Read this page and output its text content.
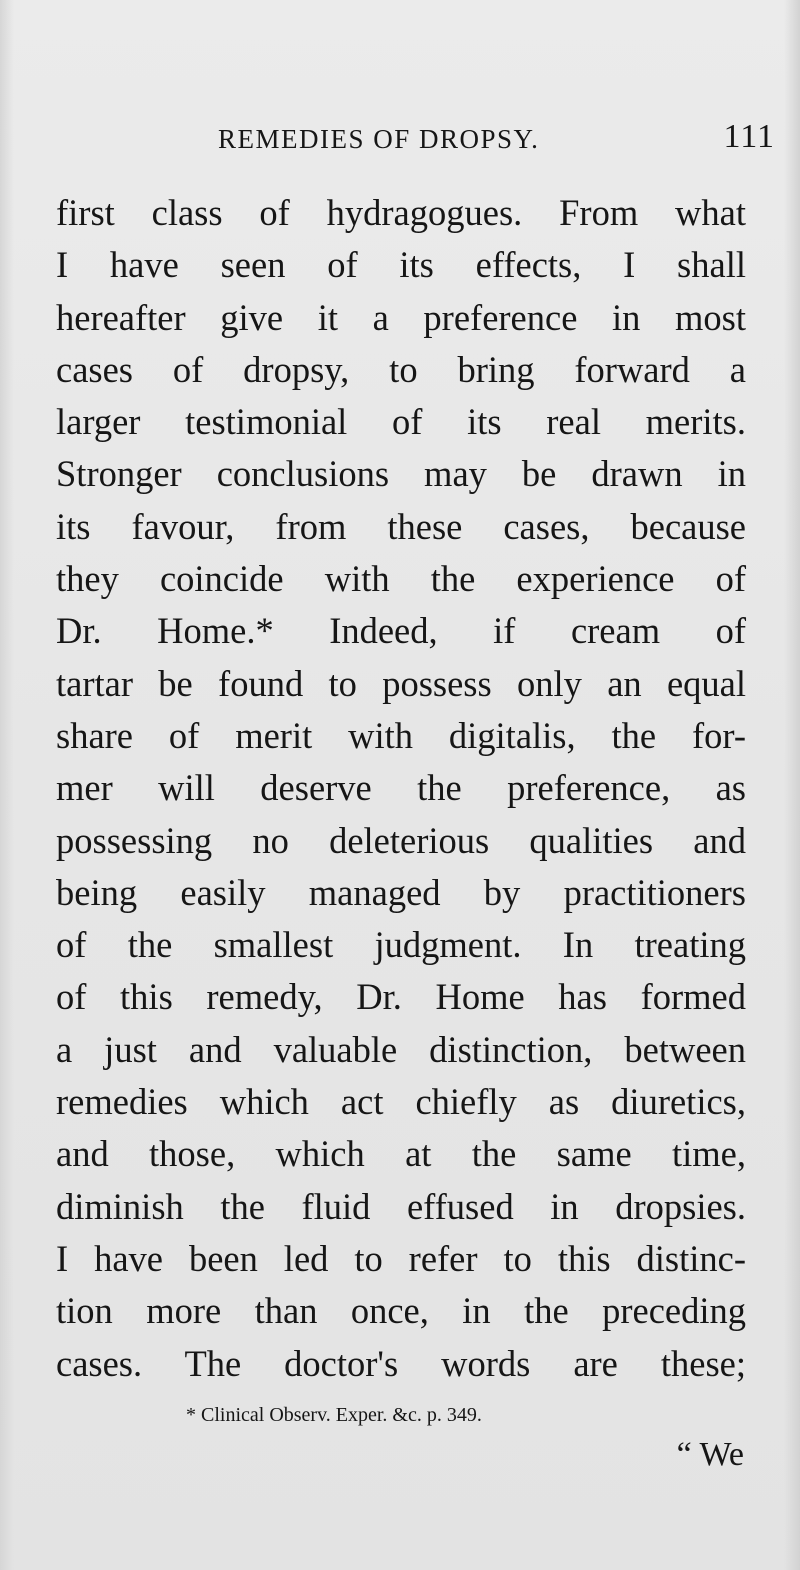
REMEDIES OF DROPSY.	111
first class of hydragogues. From what
I have seen of its effects, I shall
hereafter give it a preference in most
cases of dropsy, to bring forward a
larger testimonial of its real merits.
Stronger conclusions may be drawn in
its favour, from these cases, because
they coincide with the experience of
Dr. Home.* Indeed, if cream of
tartar be found to possess only an equal
share of merit with digitalis, the for-
mer will deserve the preference, as
possessing no deleterious qualities and
being easily managed by practitioners
of the smallest judgment. In treating
of this remedy, Dr. Home has formed
a just and valuable distinction, between
remedies which act chiefly as diuretics,
and those, which at the same time,
diminish the fluid effused in dropsies.
I have been led to refer to this distinc-
tion more than once, in the preceding
cases. The doctor's words are these;
* Clinical Observ. Exper. &c. p. 349.
“ We
